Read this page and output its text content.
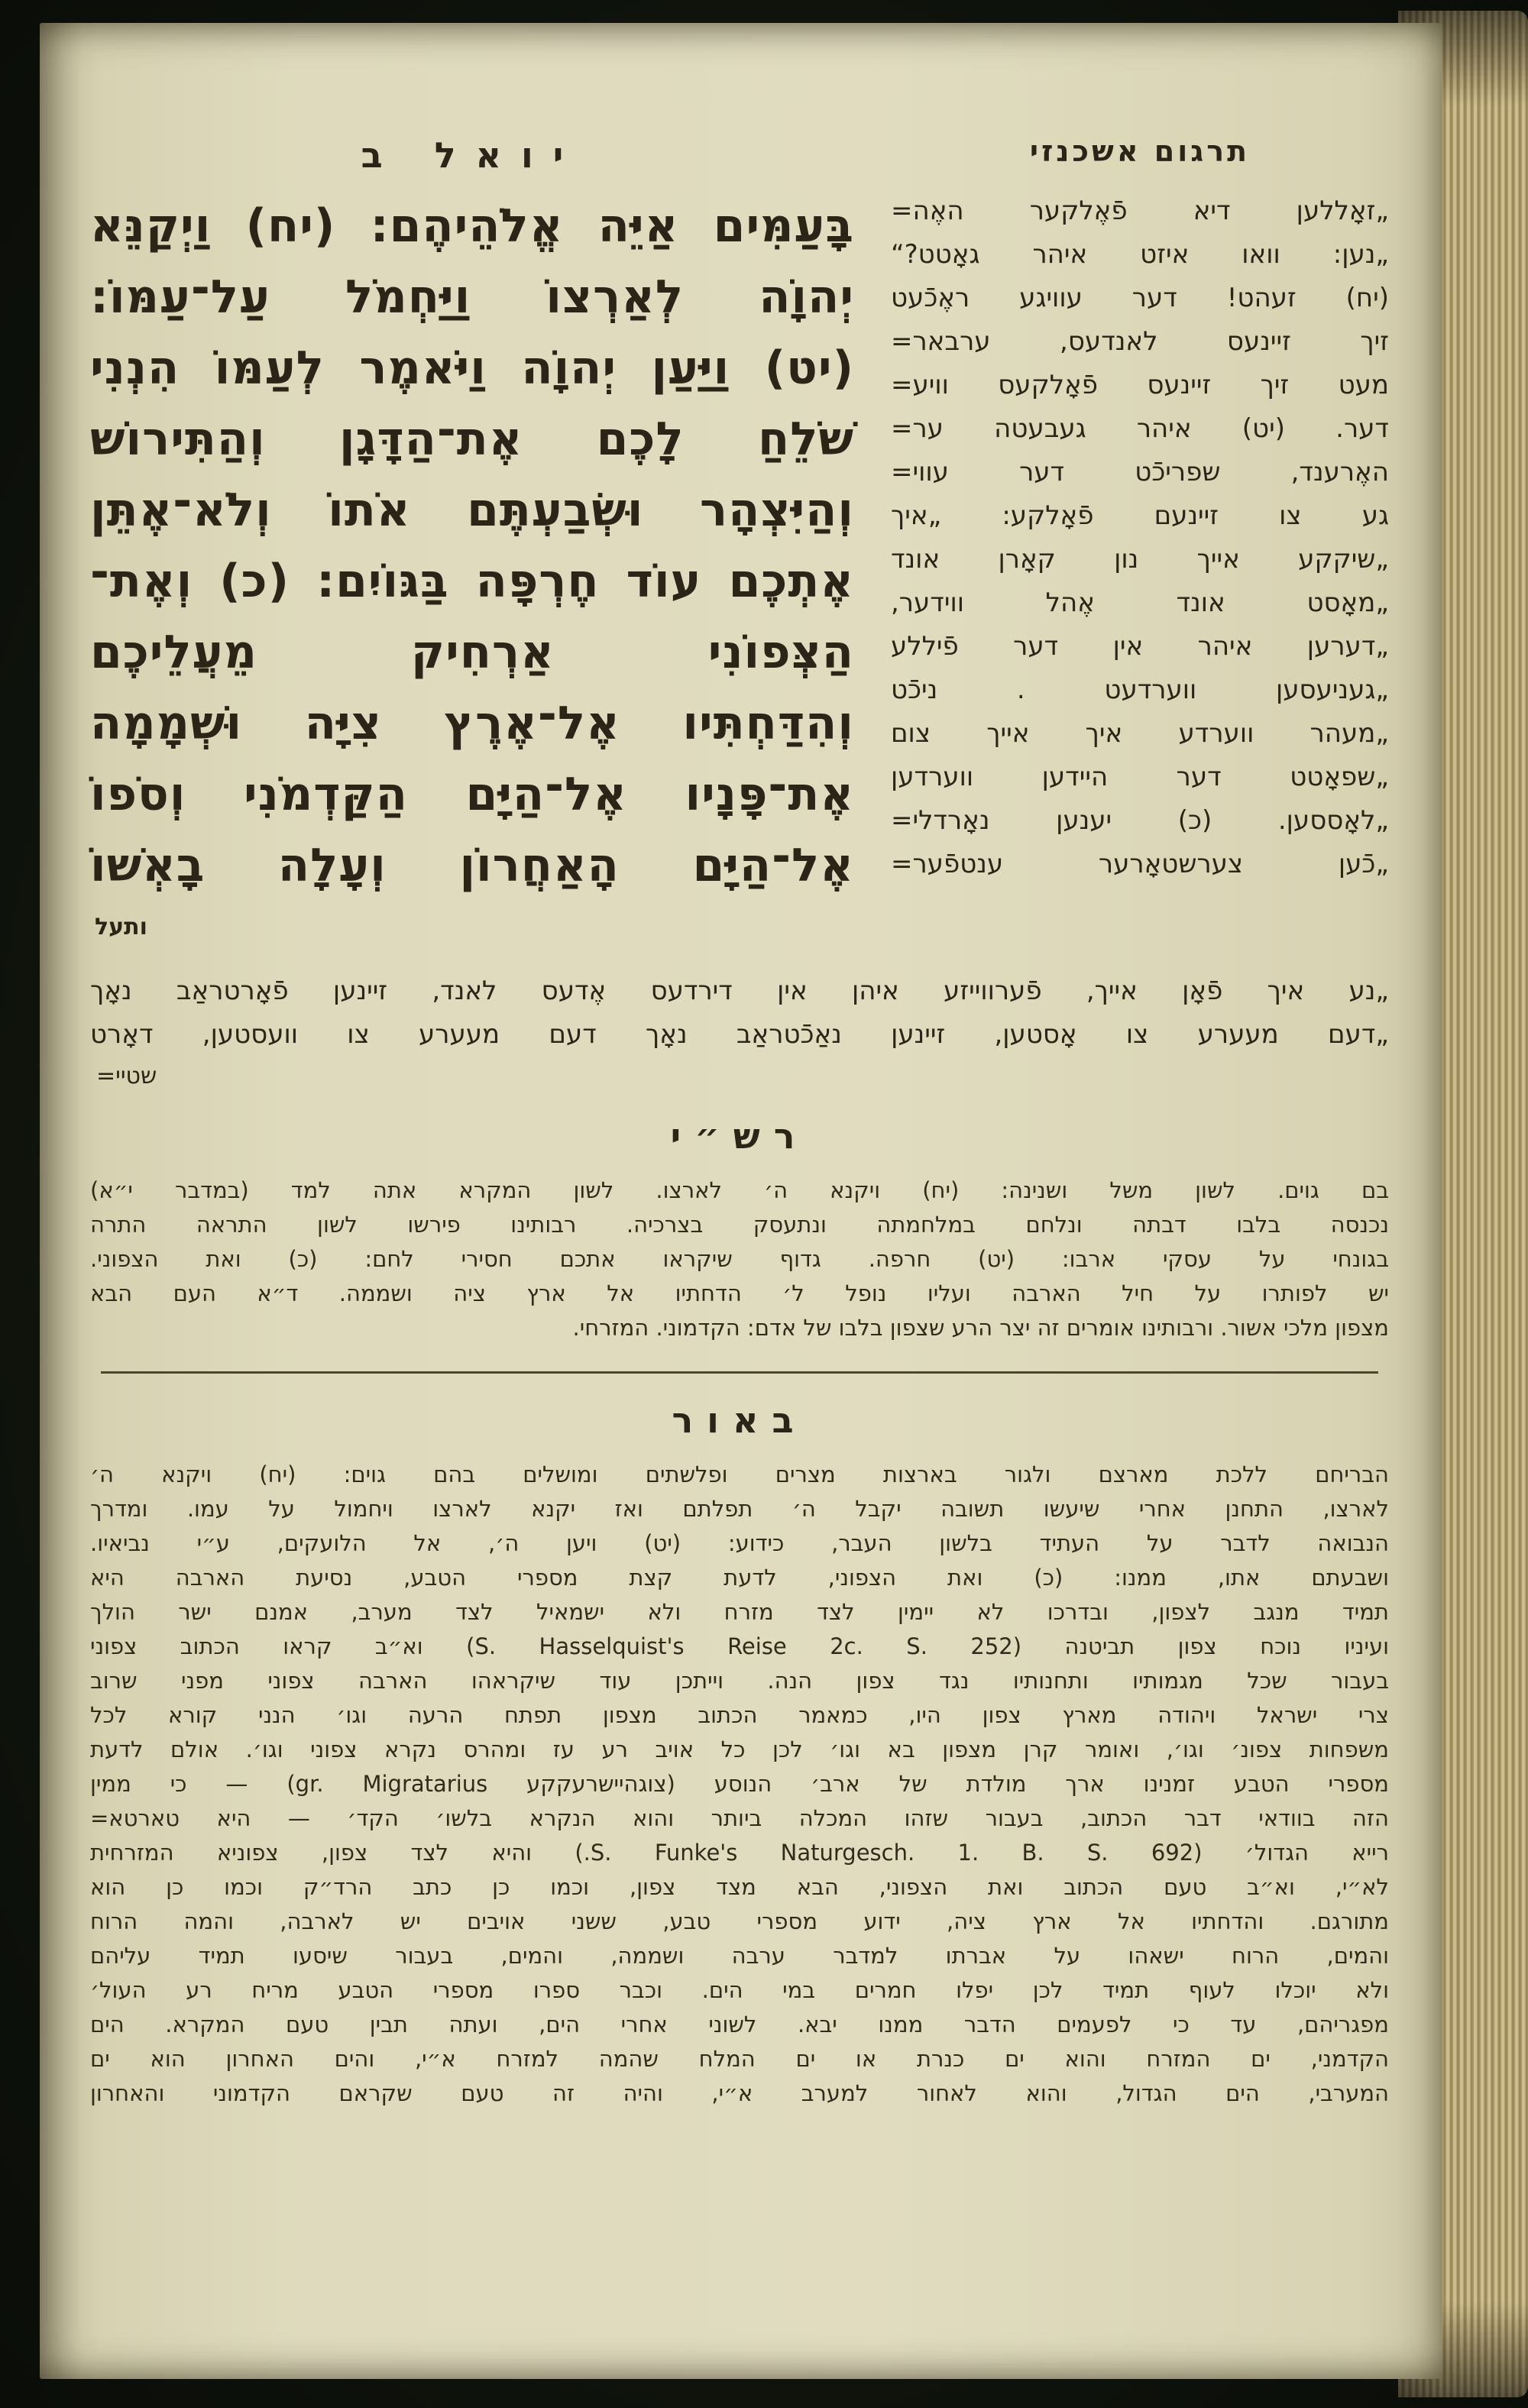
יואל ב
בָּעַמִּים אַיֵּה אֱלֹהֵיהֶם: (יח) וַיְקַנֵּא
יְהוָֹה לְאַרְצוֹ וַיַּחְמֹל עַל־עַמּוֹ:
(יט) וַיַּעַן יְהוָֹה וַיֹּאמֶר לְעַמּוֹ הִנְנִי
שֹׁלֵחַ לָכֶם אֶת־הַדָּגָן וְהַתִּירוֹשׁ
וְהַיִּצְהָר וּשְׂבַעְתֶּם אֹתוֹ וְלֹא־אֶתֵּן
אֶתְכֶם עוֹד חֶרְפָּה בַּגּוֹיִם: (כ) וְאֶת־
הַצְּפוֹנִי אַרְחִיק מֵעֲלֵיכֶם
וְהִדַּחְתִּיו אֶל־אֶרֶץ צִיָּה וּשְׁמָמָה
אֶת־פָּנָיו אֶל־הַיָּם הַקַּדְמֹנִי וְסֹפוֹ
אֶל־הַיָּם הָאַחֲרוֹן וְעָלָה בָאְשׁוֹ
ותעל
תרגום אשכנזי
„זאָללען דיא פֿאֶלקער האֶה=
„נען: וואו איזט איהר גאָטט?“
(יח) זעהט! דער עוויגע ראֶכֿעט
זיך זיינעס לאנדעס, ערבאר=
מעט זיך זיינעס פֿאָלקעס וויע=
דער. (יט) איהר געבעטה ער=
האֶרענד, שפריכֿט דער עווי=
גע צו זיינעם פֿאָלקע: „איך
„שיקקע אייך נון קאָרן אונד
„מאָסט אונד אֶהל ווידער,
„דערען איהר אין דער פֿיללע
„געניעסען ווערדעט . ניכֿט
„מעהר ווערדע איך אייך צום
„שפאָטט דער היידען ווערדען
„לאָססען. (כ) יענען נאָרדלי=
„כֿען צערשטאָרער ענטפֿער=
„נע איך פֿאָן אייך, פֿערווייזע איהן אין דירדעס אֶדעס לאנד, זיינען פֿאָרטראַב נאָך
„דעם מעערע צו אָסטען, זיינען נאַכֿטראַב נאָך דעם מעערע צו וועסטען, דאָרט
שטיי=
רש״י
בם גוים. לשון משל ושנינה: (יח) ויקנא ה׳ לארצו. לשון המקרא אתה למד (במדבר י״א)
נכנסה בלבו דבתה ונלחם במלחמתה ונתעסק בצרכיה. רבותינו פירשו לשון התראה התרה
בגונחי על עסקי ארבו: (יט) חרפה. גדוף שיקראו אתכם חסירי לחם: (כ) ואת הצפוני.
יש לפותרו על חיל הארבה ועליו נופל ל׳ הדחתיו אל ארץ ציה ושממה. ד״א העם הבא
מצפון מלכי אשור. ורבותינו אומרים זה יצר הרע שצפון בלבו של אדם: הקדמוני. המזרחי.
באור
הבריחם ללכת מארצם ולגור בארצות מצרים ופלשתים ומושלים בהם גוים: (יח) ויקנא ה׳
לארצו, התחנן אחרי שיעשו תשובה יקבל ה׳ תפלתם ואז יקנא לארצו ויחמול על עמו. ומדרך
הנבואה לדבר על העתיד בלשון העבר, כידוע: (יט) ויען ה׳, אל הלועקים, ע״י נביאיו.
ושבעתם אתו, ממנו: (כ) ואת הצפוני, לדעת קצת מספרי הטבע, נסיעת הארבה היא
תמיד מנגב לצפון, ובדרכו לא יימין לצד מזרח ולא ישמאיל לצד מערב, אמנם ישר הולך
ועיניו נוכח צפון תביטנה (S. Hasselquist's Reise 2c. S. 252) וא״ב קראו הכתוב צפוני
בעבור שכל מגמותיו ותחנותיו נגד צפון הנה. וייתכן עוד שיקראהו הארבה צפוני מפני שרוב
צרי ישראל ויהודה מארץ צפון היו, כמאמר הכתוב מצפון תפתח הרעה וגו׳ הנני קורא לכל
משפחות צפונ׳ וגו׳, ואומר קרן מצפון בא וגו׳ לכן כל אויב רע עז ומהרס נקרא צפוני וגו׳. אולם לדעת
מספרי הטבע זמנינו ארך מולדת של ארב׳ הנוסע (צוגהיישרעקקע gr. Migratarius) — כי ממין
הזה בוודאי דבר הכתוב, בעבור שזהו המכלה ביותר והוא הנקרא בלשו׳ הקד׳ — היא טארטא=
רייא הגדול׳ (S. Funke's Naturgesch. 1. B. S. 692.) והיא לצד צפון, צפוניא המזרחית
לא״י, וא״ב טעם הכתוב ואת הצפוני, הבא מצד צפון, וכמו כן כתב הרד״ק וכמו כן הוא
מתורגם. והדחתיו אל ארץ ציה, ידוע מספרי טבע, ששני אויבים יש לארבה, והמה הרוח
והמים, הרוח ישאהו על אברתו למדבר ערבה ושממה, והמים, בעבור שיסעו תמיד עליהם
ולא יוכלו לעוף תמיד לכן יפלו חמרים במי הים. וכבר ספרו מספרי הטבע מריח רע העול׳
מפגריהם, עד כי לפעמים הדבר ממנו יבא. לשוני אחרי הים, ועתה תבין טעם המקרא. הים
הקדמני, ים המזרח והוא ים כנרת או ים המלח שהמה למזרח א״י, והים האחרון הוא ים
המערבי, הים הגדול, והוא לאחור למערב א״י, והיה זה טעם שקראם הקדמוני והאחרון
